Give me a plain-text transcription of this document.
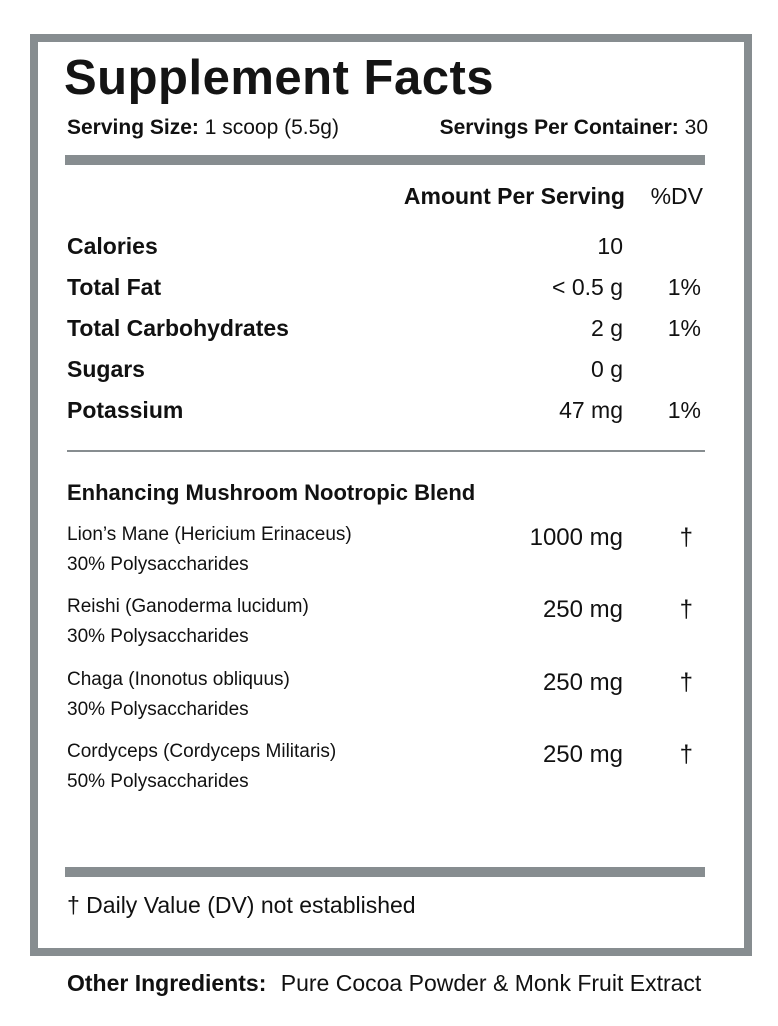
Supplement Facts
Serving Size: 1 scoop (5.5g)	Servings Per Container: 30
Amount Per Serving %DV
Calories	10
Total Fat	< 0.5 g 1%
Total Carbohydrates	2 g 1%
Sugars	0 g
Potassium	47 mg 1%
Enhancing Mushroom Nootropic Blend
Lion’s Mane (Hericium Erinaceus)
30% Polysaccharides
1000 mg †
Reishi (Ganoderma lucidum)
30% Polysaccharides
250 mg †
Chaga (Inonotus obliquus)
30% Polysaccharides
250 mg †
Cordyceps (Cordyceps Militaris)
50% Polysaccharides
250 mg †
† Daily Value (DV) not established
Other Ingredients: Pure Cocoa Powder & Monk Fruit Extract
